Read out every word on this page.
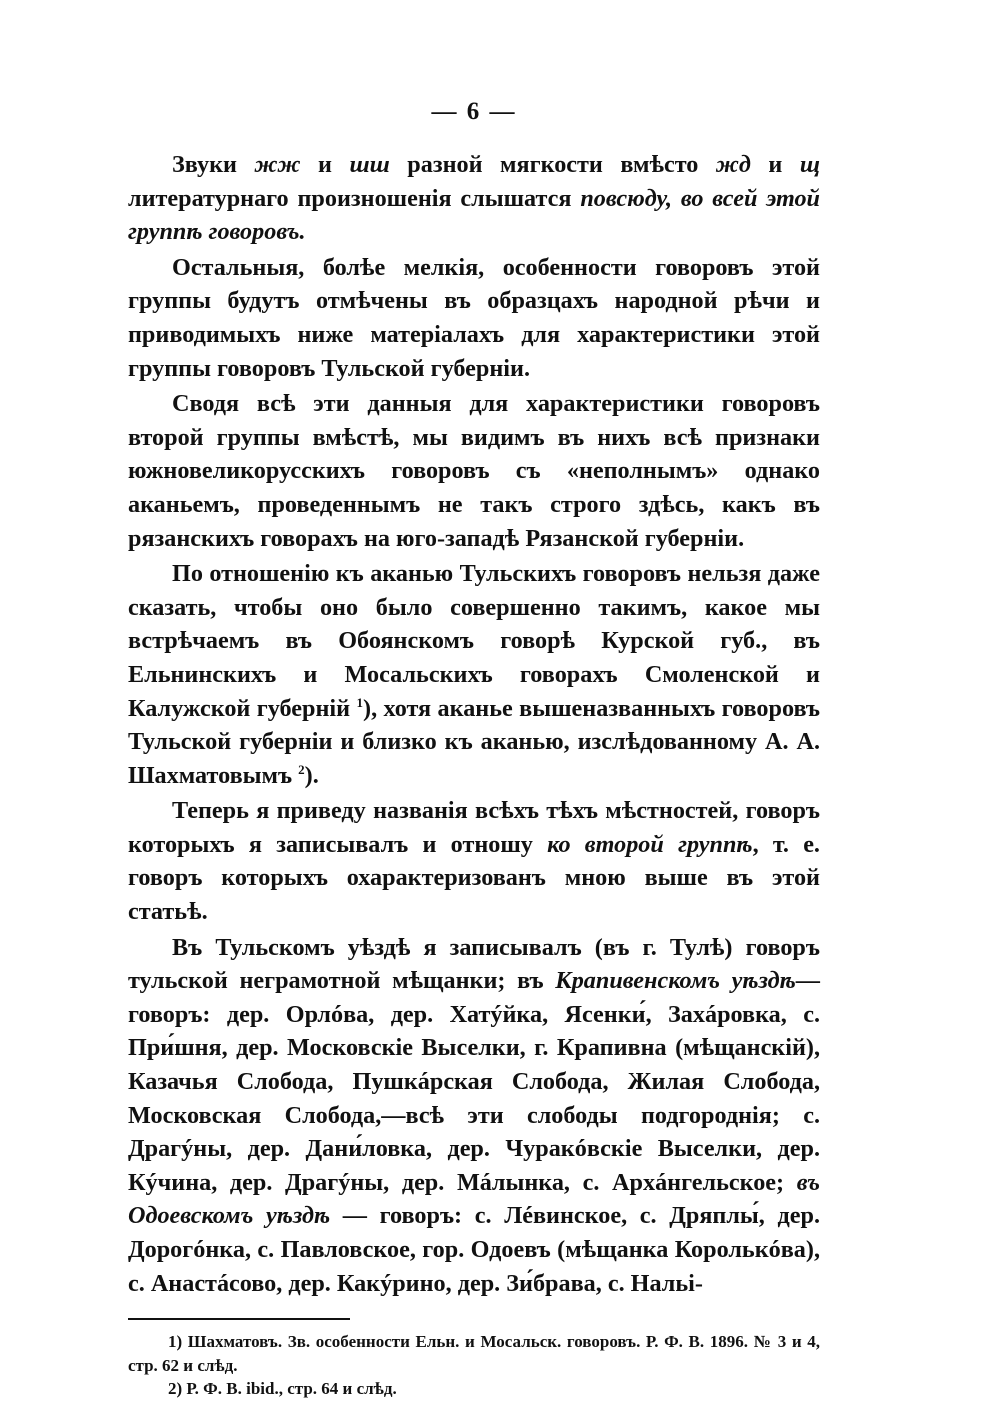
— 6 —

Звуки жж и шш разной мягкости вмѣсто жд и щ литературнаго произношенія слышатся повсюду, во всей этой группѣ говоровъ.

Остальныя, болѣе мелкія, особенности говоровъ этой группы будутъ отмѣчены въ образцахъ народной рѣчи и приводимыхъ ниже матеріалахъ для характеристики этой группы говоровъ Тульской губерніи.

Сводя всѣ эти данныя для характеристики говоровъ второй группы вмѣстѣ, мы видимъ въ нихъ всѣ признаки южновеликорусскихъ говоровъ съ «неполнымъ» однако аканьемъ, проведеннымъ не такъ строго здѣсь, какъ въ рязанскихъ говорахъ на юго-западѣ Рязанской губерніи.

По отношенію къ аканью Тульскихъ говоровъ нельзя даже сказать, чтобы оно было совершенно такимъ, какое мы встрѣчаемъ въ Обоянскомъ говорѣ Курской губ., въ Ельнинскихъ и Мосальскихъ говорахъ Смоленской и Калужской губерній $^1$), хотя аканье вышеназванныхъ говоровъ Тульской губерніи и близко къ аканью, изслѣдованному А. А. Шахматовымъ $^2$).

Теперь я приведу названія всѣхъ тѣхъ мѣстностей, говоръ которыхъ я записывалъ и отношу ко второй группѣ, т. е. говоръ которыхъ охарактеризованъ мною выше въ этой статьѣ.

Въ Тульскомъ уѣздѣ я записывалъ (въ г. Тулѣ) говоръ тульской неграмотной мѣщанки; въ Крапивенскомъ уѣздѣ—говоръ: дер. Орлóва, дер. Хатýйка, Ясенки́, Захáровка, с. При́шня, дер. Московскіе Выселки, г. Крапивна (мѣщанскій), Казачья Слобода, Пушкáрская Слобода, Жилая Слобода, Московская Слобода,—всѣ эти слободы подгороднія; с. Драгýны, дер. Дани́ловка, дер. Чуракóвскіе Выселки, дер. Кýчина, дер. Драгýны, дер. Мáлынка, с. Архáнгельское; въ Одоевскомъ уѣздѣ — говоръ: с. Лéвинское, с. Дряплы́, дер. Дорогóнка, с. Павловское, гор. Одоевъ (мѣщанка Королькóва), с. Анастáсово, дер. Какýрино, дер. Зи́брава, с. Нальі-

1) Шахматовъ. Зв. особенности Ельн. и Мосальск. говоровъ. Р. Ф. В. 1896. № 3 и 4, стр. 62 и слѣд.

2) Р. Ф. В. ibid., стр. 64 и слѣд.
